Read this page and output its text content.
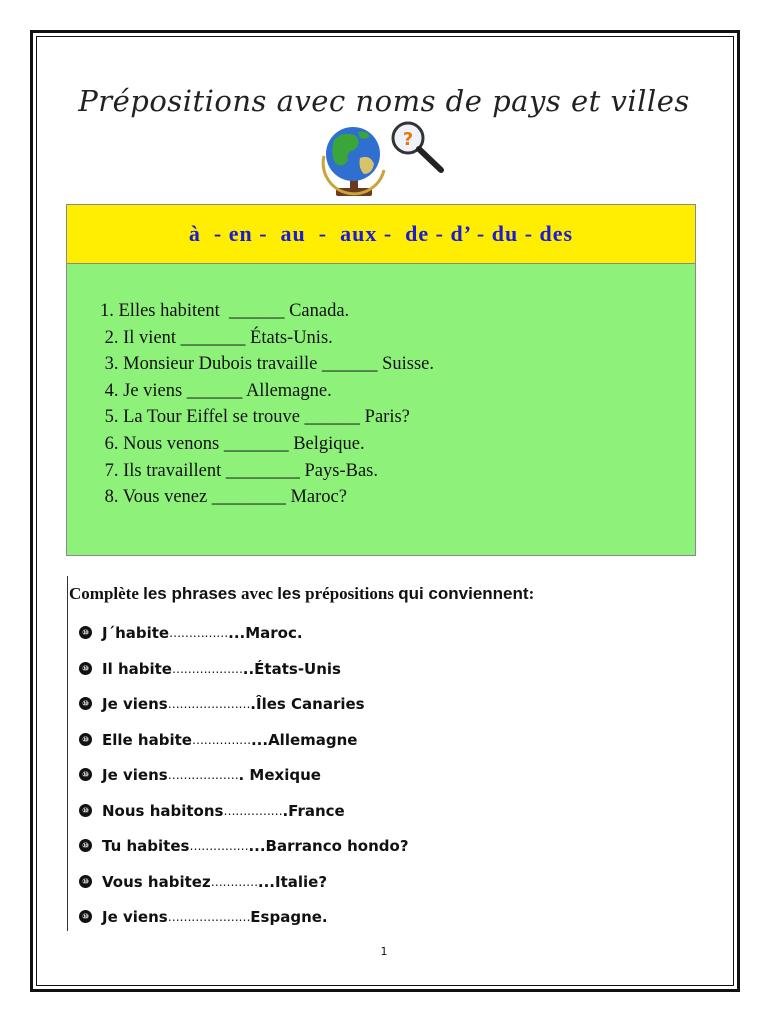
Prépositions avec noms de pays et villes
?
à  - en -  au  -  aux -  de - d’ - du - des
1. Elles habitent  ______ Canada.
2. Il vient _______ États-Unis.
3. Monsieur Dubois travaille ______ Suisse.
4. Je viens ______ Allemagne.
5. La Tour Eiffel se trouve ______ Paris?
6. Nous venons _______ Belgique.
7. Ils travaillent ________ Pays-Bas.
8. Vous venez ________ Maroc?
Complète les phrases avec les prépositions qui conviennent:
⑩ J´habite …………… ...Maroc.
⑩ Il habite ……………… ..États-Unis
⑩ Je viens ………………… .Îles Canaries
⑩ Elle habite …………… ...Allemagne
⑩ Je viens ……………… . Mexique
⑩ Nous habitons …………… .France
⑩ Tu habites …………… ...Barranco hondo?
⑩ Vous habitez ………… ...Italie?
⑩ Je viens ………………… Espagne.
1
